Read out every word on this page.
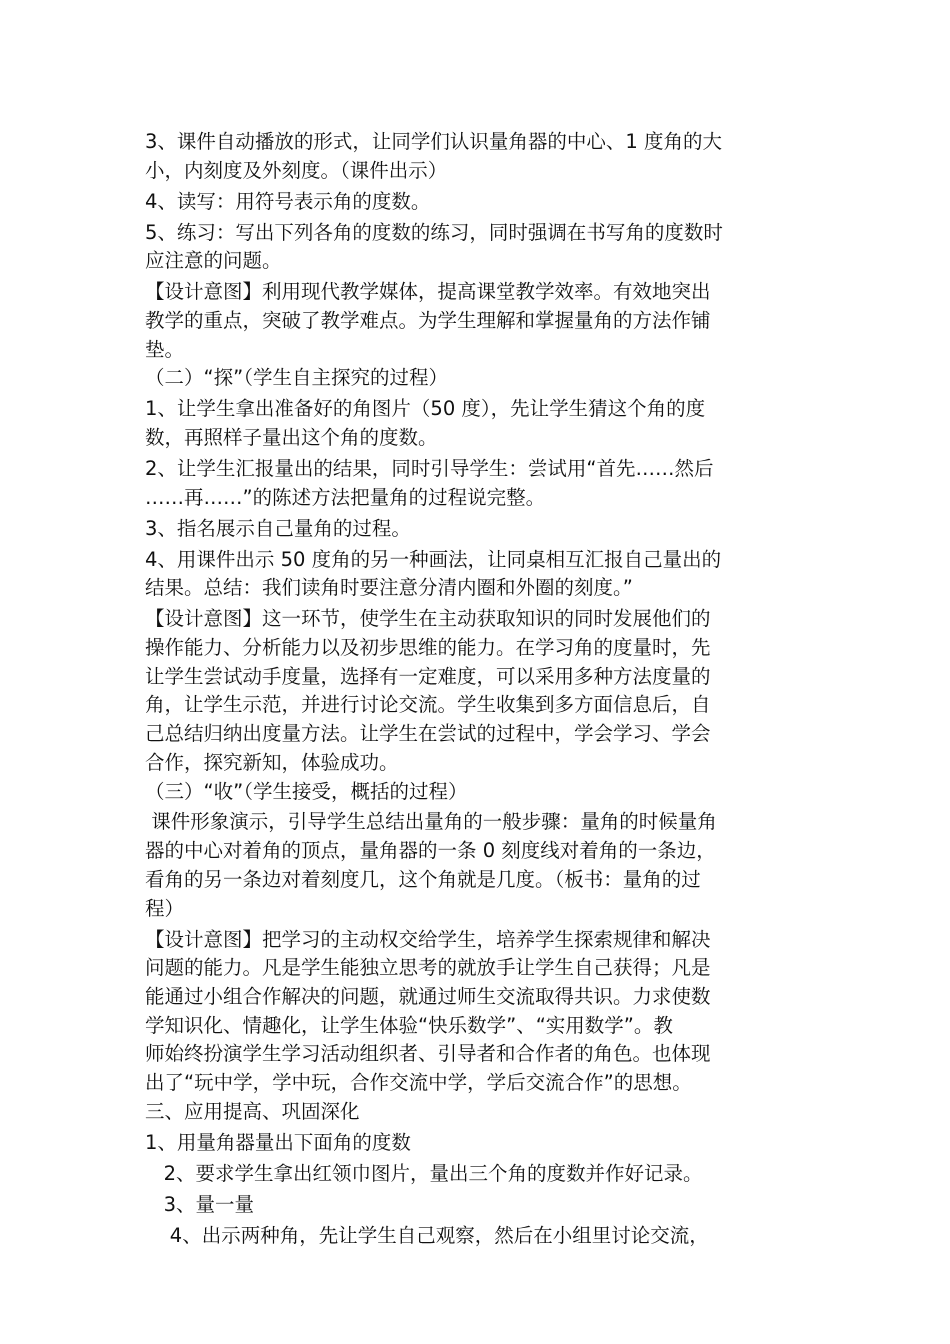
3、课件自动播放的形式，让同学们认识量角器的中心、1 度角的大
小，内刻度及外刻度。（课件出示）
4、读写：用符号表示角的度数。
5、练习：写出下列各角的度数的练习，同时强调在书写角的度数时
应注意的问题。
【设计意图】利用现代教学媒体，提高课堂教学效率。有效地突出
教学的重点，突破了教学难点。为学生理解和掌握量角的方法作铺
垫。
（二）“探”（学生自主探究的过程）
1、让学生拿出准备好的角图片（50 度），先让学生猜这个角的度
数，再照样子量出这个角的度数。
2、让学生汇报量出的结果，同时引导学生：尝试用“首先……然后
……再……”的陈述方法把量角的过程说完整。
3、指名展示自己量角的过程。
4、用课件出示 50 度角的另一种画法，让同桌相互汇报自己量出的
结果。总结：我们读角时要注意分清内圈和外圈的刻度。”
【设计意图】这一环节，使学生在主动获取知识的同时发展他们的
操作能力、分析能力以及初步思维的能力。在学习角的度量时，先
让学生尝试动手度量，选择有一定难度，可以采用多种方法度量的
角，让学生示范，并进行讨论交流。学生收集到多方面信息后，自
己总结归纳出度量方法。让学生在尝试的过程中，学会学习、学会
合作，探究新知，体验成功。
（三）“收”（学生接受，概括的过程）
课件形象演示，引导学生总结出量角的一般步骤：量角的时候量角
器的中心对着角的顶点，量角器的一条 0 刻度线对着角的一条边，
看角的另一条边对着刻度几，这个角就是几度。（板书：量角的过
程）
【设计意图】把学习的主动权交给学生，培养学生探索规律和解决
问题的能力。凡是学生能独立思考的就放手让学生自己获得；凡是
能通过小组合作解决的问题，就通过师生交流取得共识。力求使数
学知识化、情趣化，让学生体验“快乐数学”、“实用数学”。教
师始终扮演学生学习活动组织者、引导者和合作者的角色。也体现
出了“玩中学，学中玩，合作交流中学，学后交流合作”的思想。
三、应用提高、巩固深化
1、用量角器量出下面角的度数
2、要求学生拿出红领巾图片，量出三个角的度数并作好记录。
3、量一量
4、出示两种角，先让学生自己观察，然后在小组里讨论交流，
